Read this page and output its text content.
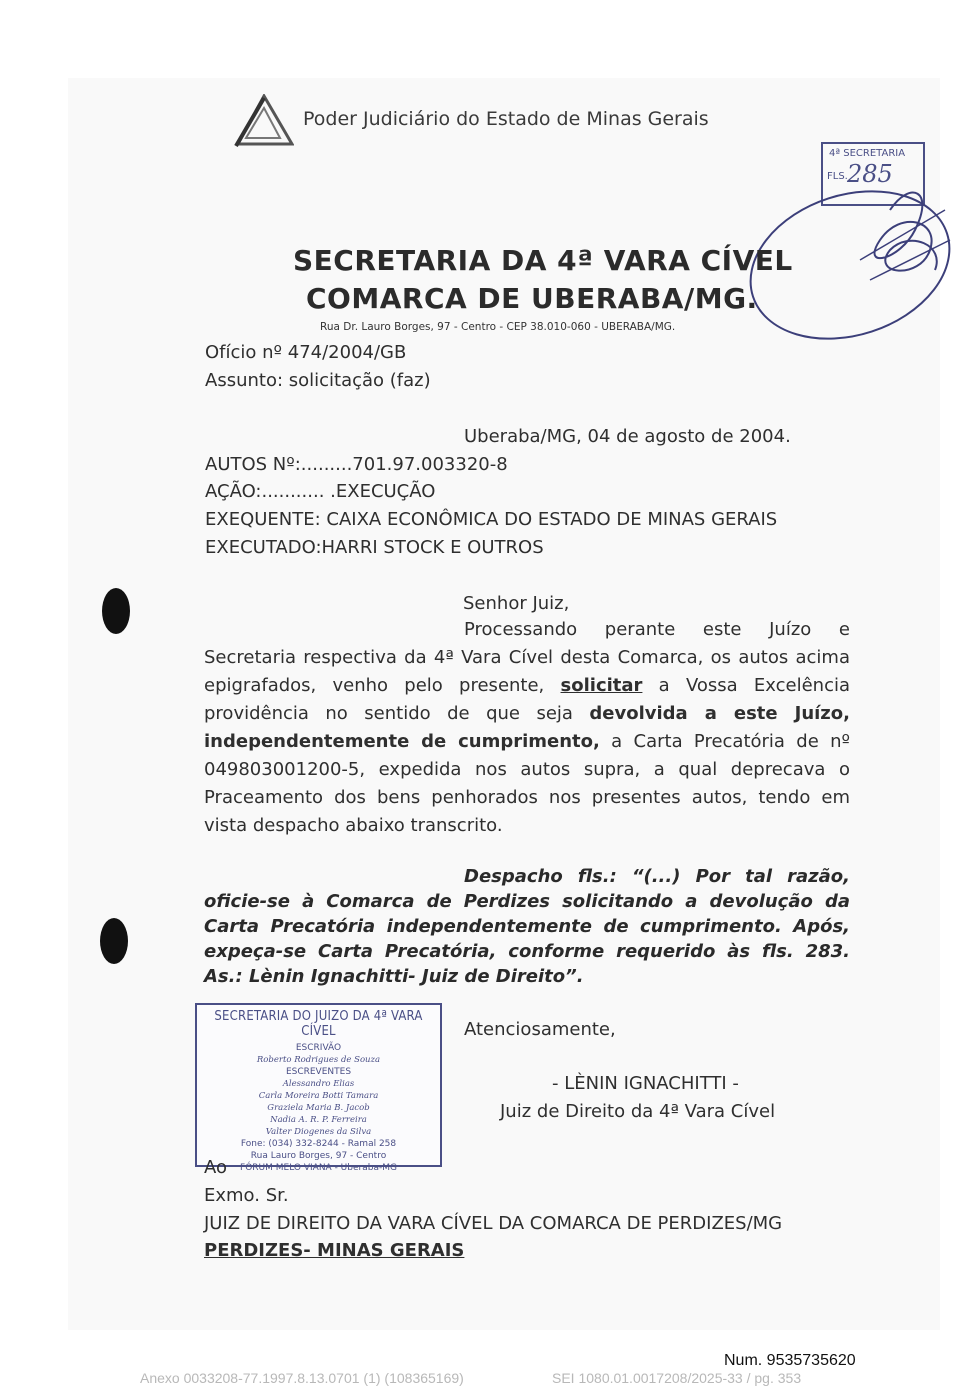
Poder Judiciário do Estado de Minas Gerais
4ª SECRETARIA
FLS. 285
SECRETARIA DA 4ª VARA CÍVEL
COMARCA DE UBERABA/MG.
Rua Dr. Lauro Borges, 97 - Centro - CEP 38.010-060 - UBERABA/MG.
Ofício nº 474/2004/GB
Assunto: solicitação (faz)
Uberaba/MG, 04 de agosto de 2004.
AUTOS Nº:.........701.97.003320-8
AÇÃO:........... .EXECUÇÃO
EXEQUENTE: CAIXA ECONÔMICA DO ESTADO DE MINAS GERAIS
EXECUTADO:HARRI STOCK E OUTROS
Senhor Juiz,
Processando perante este Juízo e Secretaria respectiva da 4ª Vara Cível desta Comarca, os autos acima epigrafados, venho pelo presente, solicitar a Vossa Excelência providência no sentido de que seja devolvida a este Juízo, independentemente de cumprimento, a Carta Precatória de nº 049803001200-5, expedida nos autos supra, a qual deprecava o Praceamento dos bens penhorados nos presentes autos, tendo em vista despacho abaixo transcrito.
Despacho fls.: “(...) Por tal razão, oficie-se à Comarca de Perdizes solicitando a devolução da Carta Precatória independentemente de cumprimento. Após, expeça-se Carta Precatória, conforme requerido às fls. 283. As.: Lènin Ignachitti- Juiz de Direito”.
SECRETARIA DO JUIZO DA 4ª VARA CÍVEL
ESCRIVÃO
Roberto Rodrigues de Souza
ESCREVENTES
Alessandro Elias
Carla Moreira Botti Tamara
Graziela Maria B. Jacob
Nadia A. R. P. Ferreira
Valter Diogenes da Silva
Fone: (034) 332-8244 - Ramal 258
Rua Lauro Borges, 97 - Centro
FÓRUM MELO VIANA - Uberaba-MG
Atenciosamente,
- LÈNIN IGNACHITTI -
Juiz de Direito da 4ª Vara Cível
Ao
Exmo. Sr.
JUIZ DE DIREITO DA VARA CÍVEL DA COMARCA DE PERDIZES/MG
PERDIZES- MINAS GERAIS
Num. 9535735620
Anexo 0033208-77.1997.8.13.0701 (1) (108365169)	SEI 1080.01.0017208/2025-33 / pg. 353
